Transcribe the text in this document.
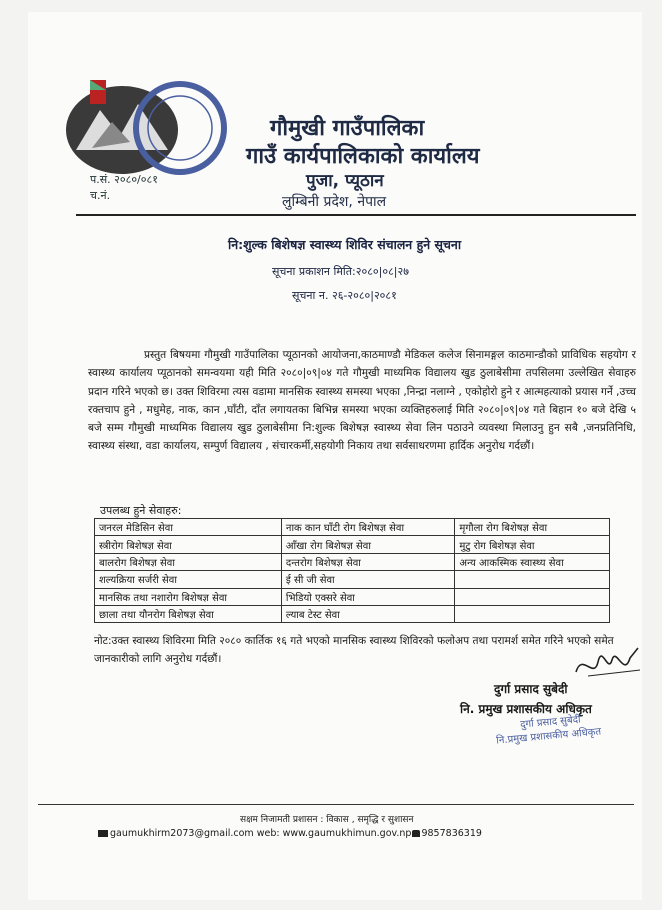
गौमुखी गाउँपालिका
गाउँ कार्यपालिकाको कार्यालय
पुजा, प्यूठान
लुम्बिनी प्रदेश, नेपाल
प.सं. २०८०/०८१
च.नं.
नि:शुल्क बिशेषज्ञ स्वास्थ्य शिविर संचालन हुने सूचना
सूचना प्रकाशन मिति:२०८०|०८|२७
सूचना न. २६-२०८०|२०८१

प्रस्तुत बिषयमा गौमुखी गाउँपालिका प्यूठानको आयोजना,काठमाण्डौ मेडिकल कलेज सिनामङ्गल काठमान्डौको प्राविधिक सहयोग र स्वास्थ्य कार्यालय प्यूठानको समन्वयमा यही मिति २०८०|०९|०४ गते गौमुखी माध्यमिक विद्यालय खुड ठुलाबेसीमा तपसिलमा उल्लेखित सेवाहरु प्रदान गरिने भएको छ। उक्त शिविरमा त्यस वडामा मानसिक स्वास्थ्य समस्या भएका ,निन्द्रा नलाग्ने , एकोहोरो हुने र आत्महत्याको प्रयास गर्ने ,उच्च रक्तचाप हुने , मधुमेह, नाक, कान ,घाँटी, दाँत लगायतका बिभिन्न समस्या भएका व्यक्तिहरुलाई मिति २०८०|०९|०४ गते बिहान १० बजे देखि ५ बजे सम्म गौमुखी माध्यमिक विद्यालय खुड ठुलाबेसीमा नि:शुल्क बिशेषज्ञ स्वास्थ्य सेवा लिन पठाउने व्यवस्था मिलाउनु हुन सबै ,जनप्रतिनिधि, स्वास्थ्य संस्था, वडा कार्यालय, सम्पुर्ण विद्यालय , संचारकर्मी,सहयोगी निकाय तथा सर्वसाधरणमा हार्दिक अनुरोध गर्दछौं।

उपलब्ध हुने सेवाहरु:
जनरल मेडिसिन सेवा	नाक कान घाँटी रोग बिशेषज्ञ सेवा	मृगौला रोग बिशेषज्ञ सेवा
स्त्रीरोग बिशेषज्ञ सेवा	आँखा रोग बिशेषज्ञ सेवा	मुटु रोग बिशेषज्ञ सेवा
बालरोग बिशेषज्ञ सेवा	दन्तरोग बिशेषज्ञ सेवा	अन्य आकस्मिक स्वास्थ्य सेवा
शल्यक्रिया सर्जरी सेवा	ई सी जी सेवा	
मानसिक तथा नशारोग बिशेषज्ञ सेवा	भिडियो एक्सरे सेवा	
छाला तथा यौनरोग बिशेषज्ञ सेवा	ल्याब टेस्ट सेवा	
नोट:उक्त स्वास्थ्य शिविरमा मिति २०८० कार्तिक १६ गते भएको मानसिक स्वास्थ्य शिविरको फलोअप तथा परामर्श समेत गरिने भएको समेत जानकारीको लागि अनुरोध गर्दछौं।
दुर्गा प्रसाद सुबेदी
नि. प्रमुख प्रशासकीय अधिकृत
दुर्गा प्रसाद सुबेदी
नि.प्रमुख प्रशासकीय अधिकृत
सक्षम निजामती प्रशासन : विकास , समृद्धि र सुशासन
gaumukhirm2073@gmail.com web: www.gaumukhimun.gov.np 9857836319
